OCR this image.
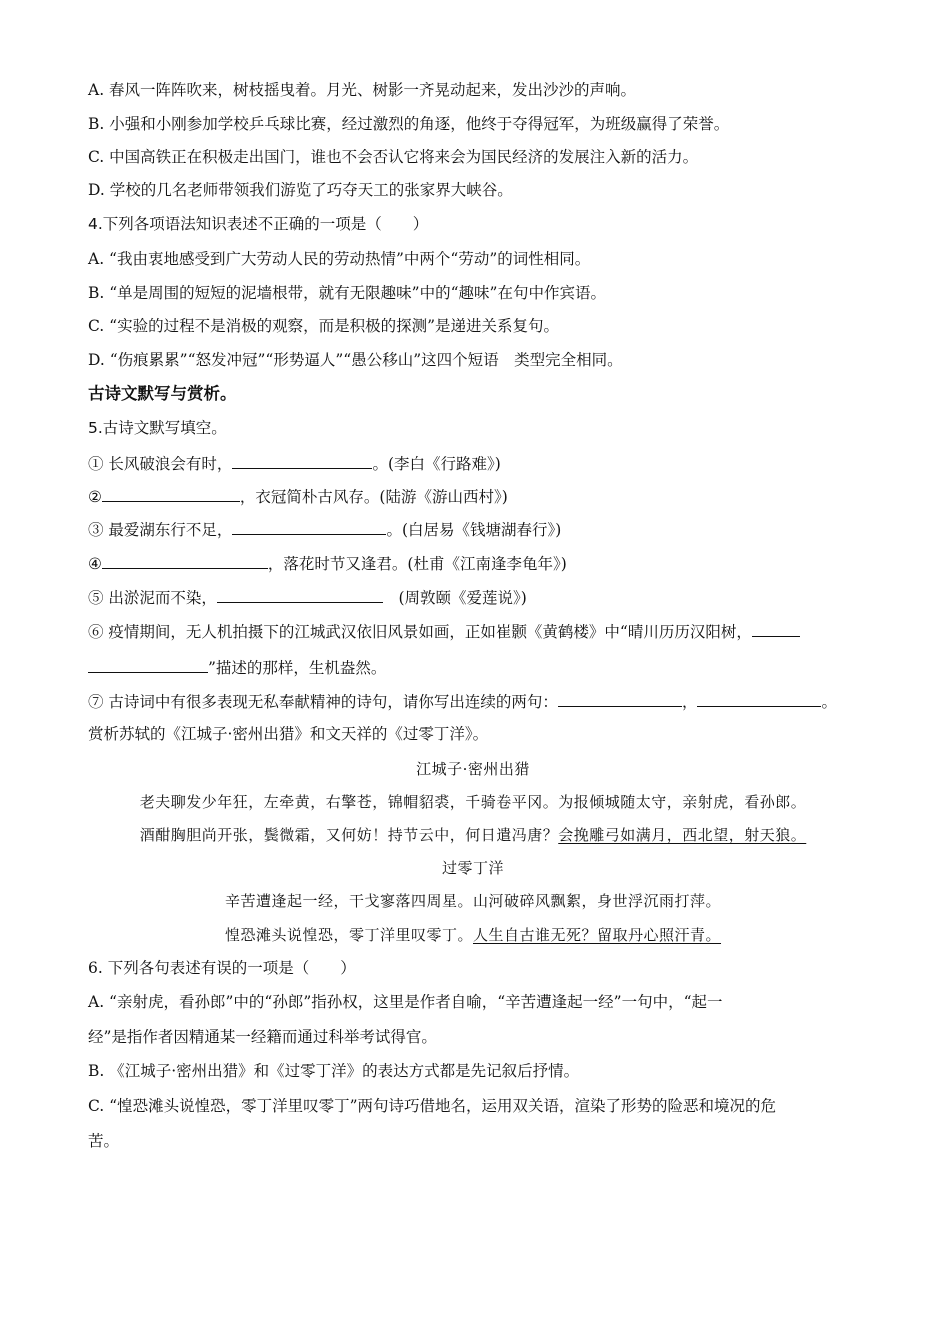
A. 春风一阵阵吹来，树枝摇曳着。月光、树影一齐晃动起来，发出沙沙的声响。
B. 小强和小刚参加学校乒乓球比赛，经过激烈的角逐，他终于夺得冠军，为班级赢得了荣誉。
C. 中国高铁正在积极走出国门，谁也不会否认它将来会为国民经济的发展注入新的活力。
D. 学校的几名老师带领我们游览了巧夺天工的张家界大峡谷。
4.下列各项语法知识表述不正确的一项是（　　）
A. “我由衷地感受到广大劳动人民的劳动热情”中两个“劳动”的词性相同。
B. “单是周围的短短的泥墙根带，就有无限趣味”中的“趣味”在句中作宾语。
C. “实验的过程不是消极的观察，而是积极的探测”是递进关系复句。
D. “伤痕累累”“怒发冲冠”“形势逼人”“愚公移山”这四个短语　类型完全相同。
古诗文默写与赏析。
5.古诗文默写填空。
① 长风破浪会有时，	。(李白《行路难》)
②	，衣冠简朴古风存。(陆游《游山西村》)
③ 最爱湖东行不足，	。(白居易《钱塘湖春行》)
④	，落花时节又逢君。(杜甫《江南逢李龟年》)
⑤ 出淤泥而不染，	　(周敦颐《爱莲说》)
⑥ 疫情期间，无人机拍摄下的江城武汉依旧风景如画，正如崔颢《黄鹤楼》中“晴川历历汉阳树，
”描述的那样，生机盎然。
⑦ 古诗词中有很多表现无私奉献精神的诗句，请你写出连续的两句：	，	。
赏析苏轼的《江城子·密州出猎》和文天祥的《过零丁洋》。
江城子·密州出猎
老夫聊发少年狂，左牵黄，右擎苍，锦帽貂裘，千骑卷平冈。为报倾城随太守，亲射虎，看孙郎。
酒酣胸胆尚开张，鬓微霜，又何妨！持节云中，何日遣冯唐？会挽雕弓如满月，西北望，射天狼。
过零丁洋
辛苦遭逢起一经，干戈寥落四周星。山河破碎风飘絮，身世浮沉雨打萍。
惶恐滩头说惶恐，零丁洋里叹零丁。人生自古谁无死？留取丹心照汗青。
6. 下列各句表述有误的一项是（　　）
A. “亲射虎，看孙郎”中的“孙郎”指孙权，这里是作者自喻，“辛苦遭逢起一经”一句中，“起一
经”是指作者因精通某一经籍而通过科举考试得官。
B. 《江城子·密州出猎》和《过零丁洋》的表达方式都是先记叙后抒情。
C. “惶恐滩头说惶恐，零丁洋里叹零丁”两句诗巧借地名，运用双关语，渲染了形势的险恶和境况的危
苦。
